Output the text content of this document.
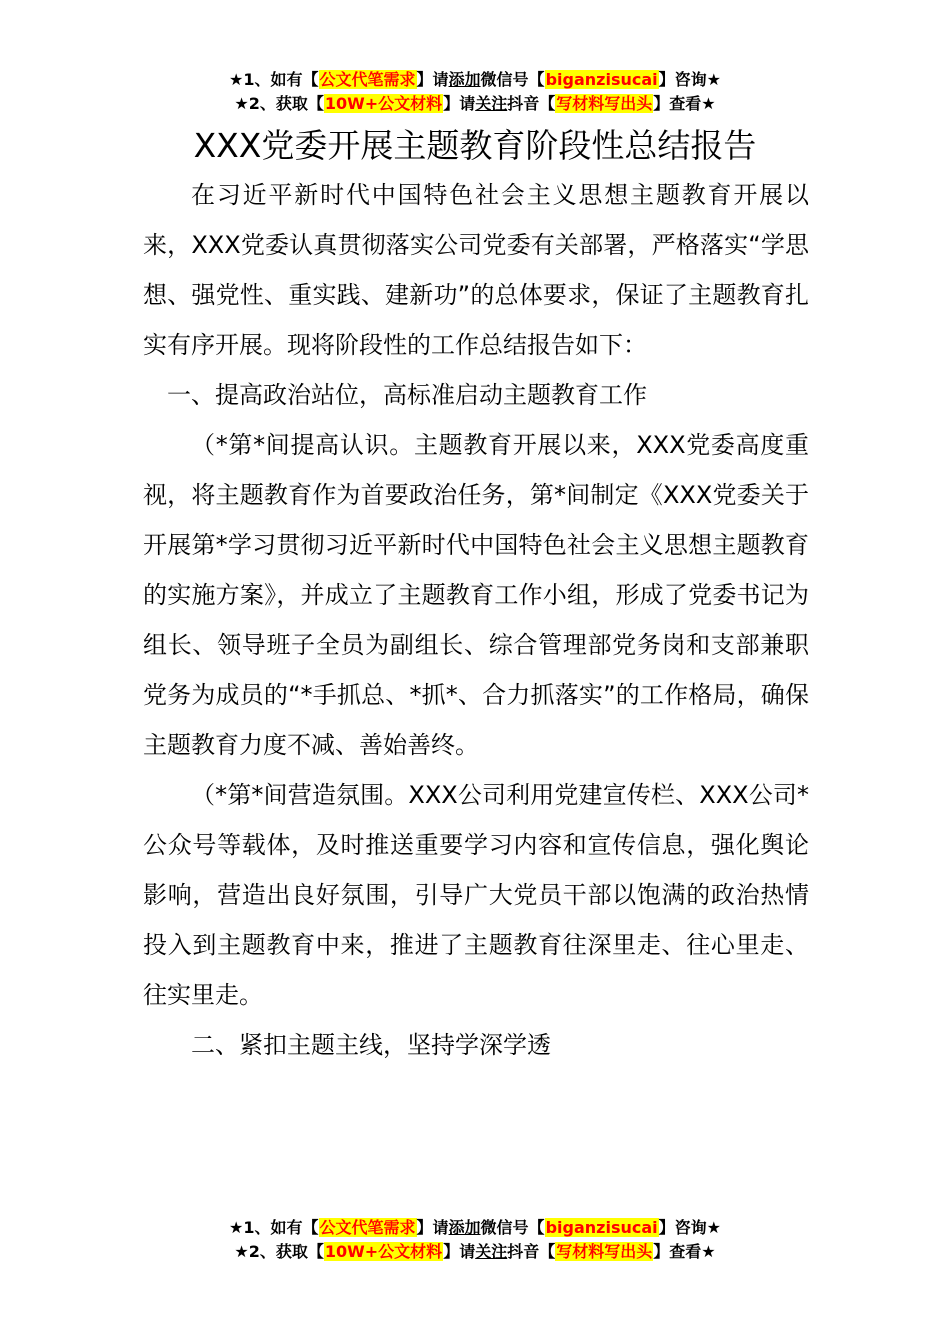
★1、如有【公文代笔需求】请添加微信号【biganzisucai】咨询★
★2、获取【10W+公文材料】请关注抖音【写材料写出头】查看★
XXX党委开展主题教育阶段性总结报告

在习近平新时代中国特色社会主义思想主题教育开展以来，XXX党委认真贯彻落实公司党委有关部署，严格落实“学思想、强党性、重实践、建新功”的总体要求，保证了主题教育扎实有序开展。现将阶段性的工作总结报告如下：

一、提高政治站位，高标准启动主题教育工作

（*第*间提高认识。主题教育开展以来，XXX党委高度重视，将主题教育作为首要政治任务，第*间制定《XXX党委关于开展第*学习贯彻习近平新时代中国特色社会主义思想主题教育的实施方案》，并成立了主题教育工作小组，形成了党委书记为组长、领导班子全员为副组长、综合管理部党务岗和支部兼职党务为成员的“*手抓总、*抓*、合力抓落实”的工作格局，确保主题教育力度不减、善始善终。

（*第*间营造氛围。XXX公司利用党建宣传栏、XXX公司*公众号等载体，及时推送重要学习内容和宣传信息，强化舆论影响，营造出良好氛围，引导广大党员干部以饱满的政治热情投入到主题教育中来，推进了主题教育往深里走、往心里走、往实里走。

二、紧扣主题主线，坚持学深学透

★1、如有【公文代笔需求】请添加微信号【biganzisucai】咨询★
★2、获取【10W+公文材料】请关注抖音【写材料写出头】查看★
